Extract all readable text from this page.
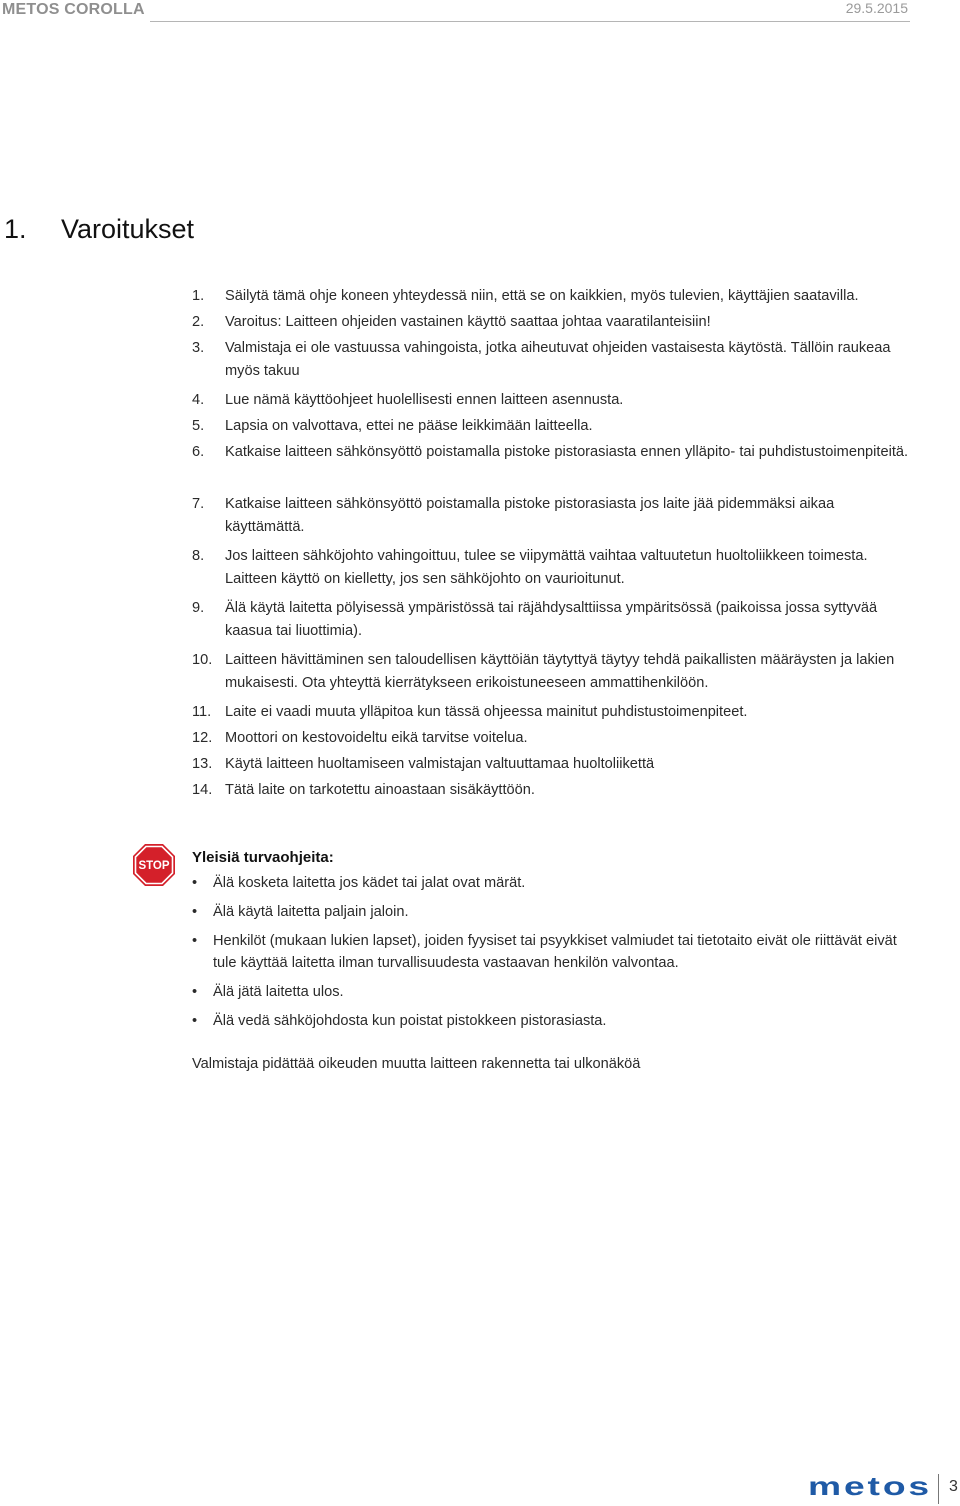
METOS COROLLA	29.5.2015
1. Varoitukset
1. Säilytä tämä ohje koneen yhteydessä niin, että se on kaikkien, myös tulevien, käyttäjien saatavilla.
2. Varoitus: Laitteen ohjeiden vastainen käyttö saattaa johtaa vaaratilanteisiin!
3. Valmistaja ei ole vastuussa vahingoista, jotka aiheutuvat ohjeiden vastaisesta käytöstä. Tällöin raukeaa myös takuu
4. Lue nämä käyttöohjeet huolellisesti ennen laitteen asennusta.
5. Lapsia on valvottava, ettei ne pääse leikkimään laitteella.
6. Katkaise laitteen sähkönsyöttö poistamalla pistoke pistorasiasta ennen ylläpito- tai puhdistustoimenpiteitä.
7. Katkaise laitteen sähkönsyöttö poistamalla pistoke pistorasiasta jos laite jää pidemmäksi aikaa käyttämättä.
8. Jos laitteen sähköjohto vahingoittuu, tulee se viipymättä vaihtaa valtuutetun huoltoliikkeen toimesta. Laitteen käyttö on kielletty, jos sen sähköjohto on vaurioitunut.
9. Älä käytä laitetta pölyisessä ympäristössä tai räjähdysalttiissa ympäritsössä (paikoissa jossa syttyvää kaasua tai liuottimia).
10. Laitteen hävittäminen sen taloudellisen käyttöiän täytyttyä täytyy tehdä paikallisten määräysten ja lakien mukaisesti. Ota yhteyttä kierrätykseen erikoistuneeseen ammattihenkilöön.
11. Laite ei vaadi muuta ylläpitoa kun tässä ohjeessa mainitut puhdistustoimenpiteet.
12. Moottori on kestovoideltu eikä tarvitse voitelua.
13. Käytä laitteen huoltamiseen valmistajan valtuuttamaa huoltoliikettä
14. Tätä laite on tarkotettu ainoastaan sisäkäyttöön.
STOP Yleisiä turvaohjeita:
• Älä kosketa laitetta jos kädet tai jalat ovat märät.
• Älä käytä laitetta paljain jaloin.
• Henkilöt (mukaan lukien lapset), joiden fyysiset tai psyykkiset valmiudet tai tietotaito eivät ole riittävät eivät tule käyttää laitetta ilman turvallisuudesta vastaavan henkilön valvontaa.
• Älä jätä laitetta ulos.
• Älä vedä sähköjohdosta kun poistat pistokkeen pistorasiasta.
Valmistaja pidättää oikeuden muutta laitteen rakennetta tai ulkonäköä
metos 3
